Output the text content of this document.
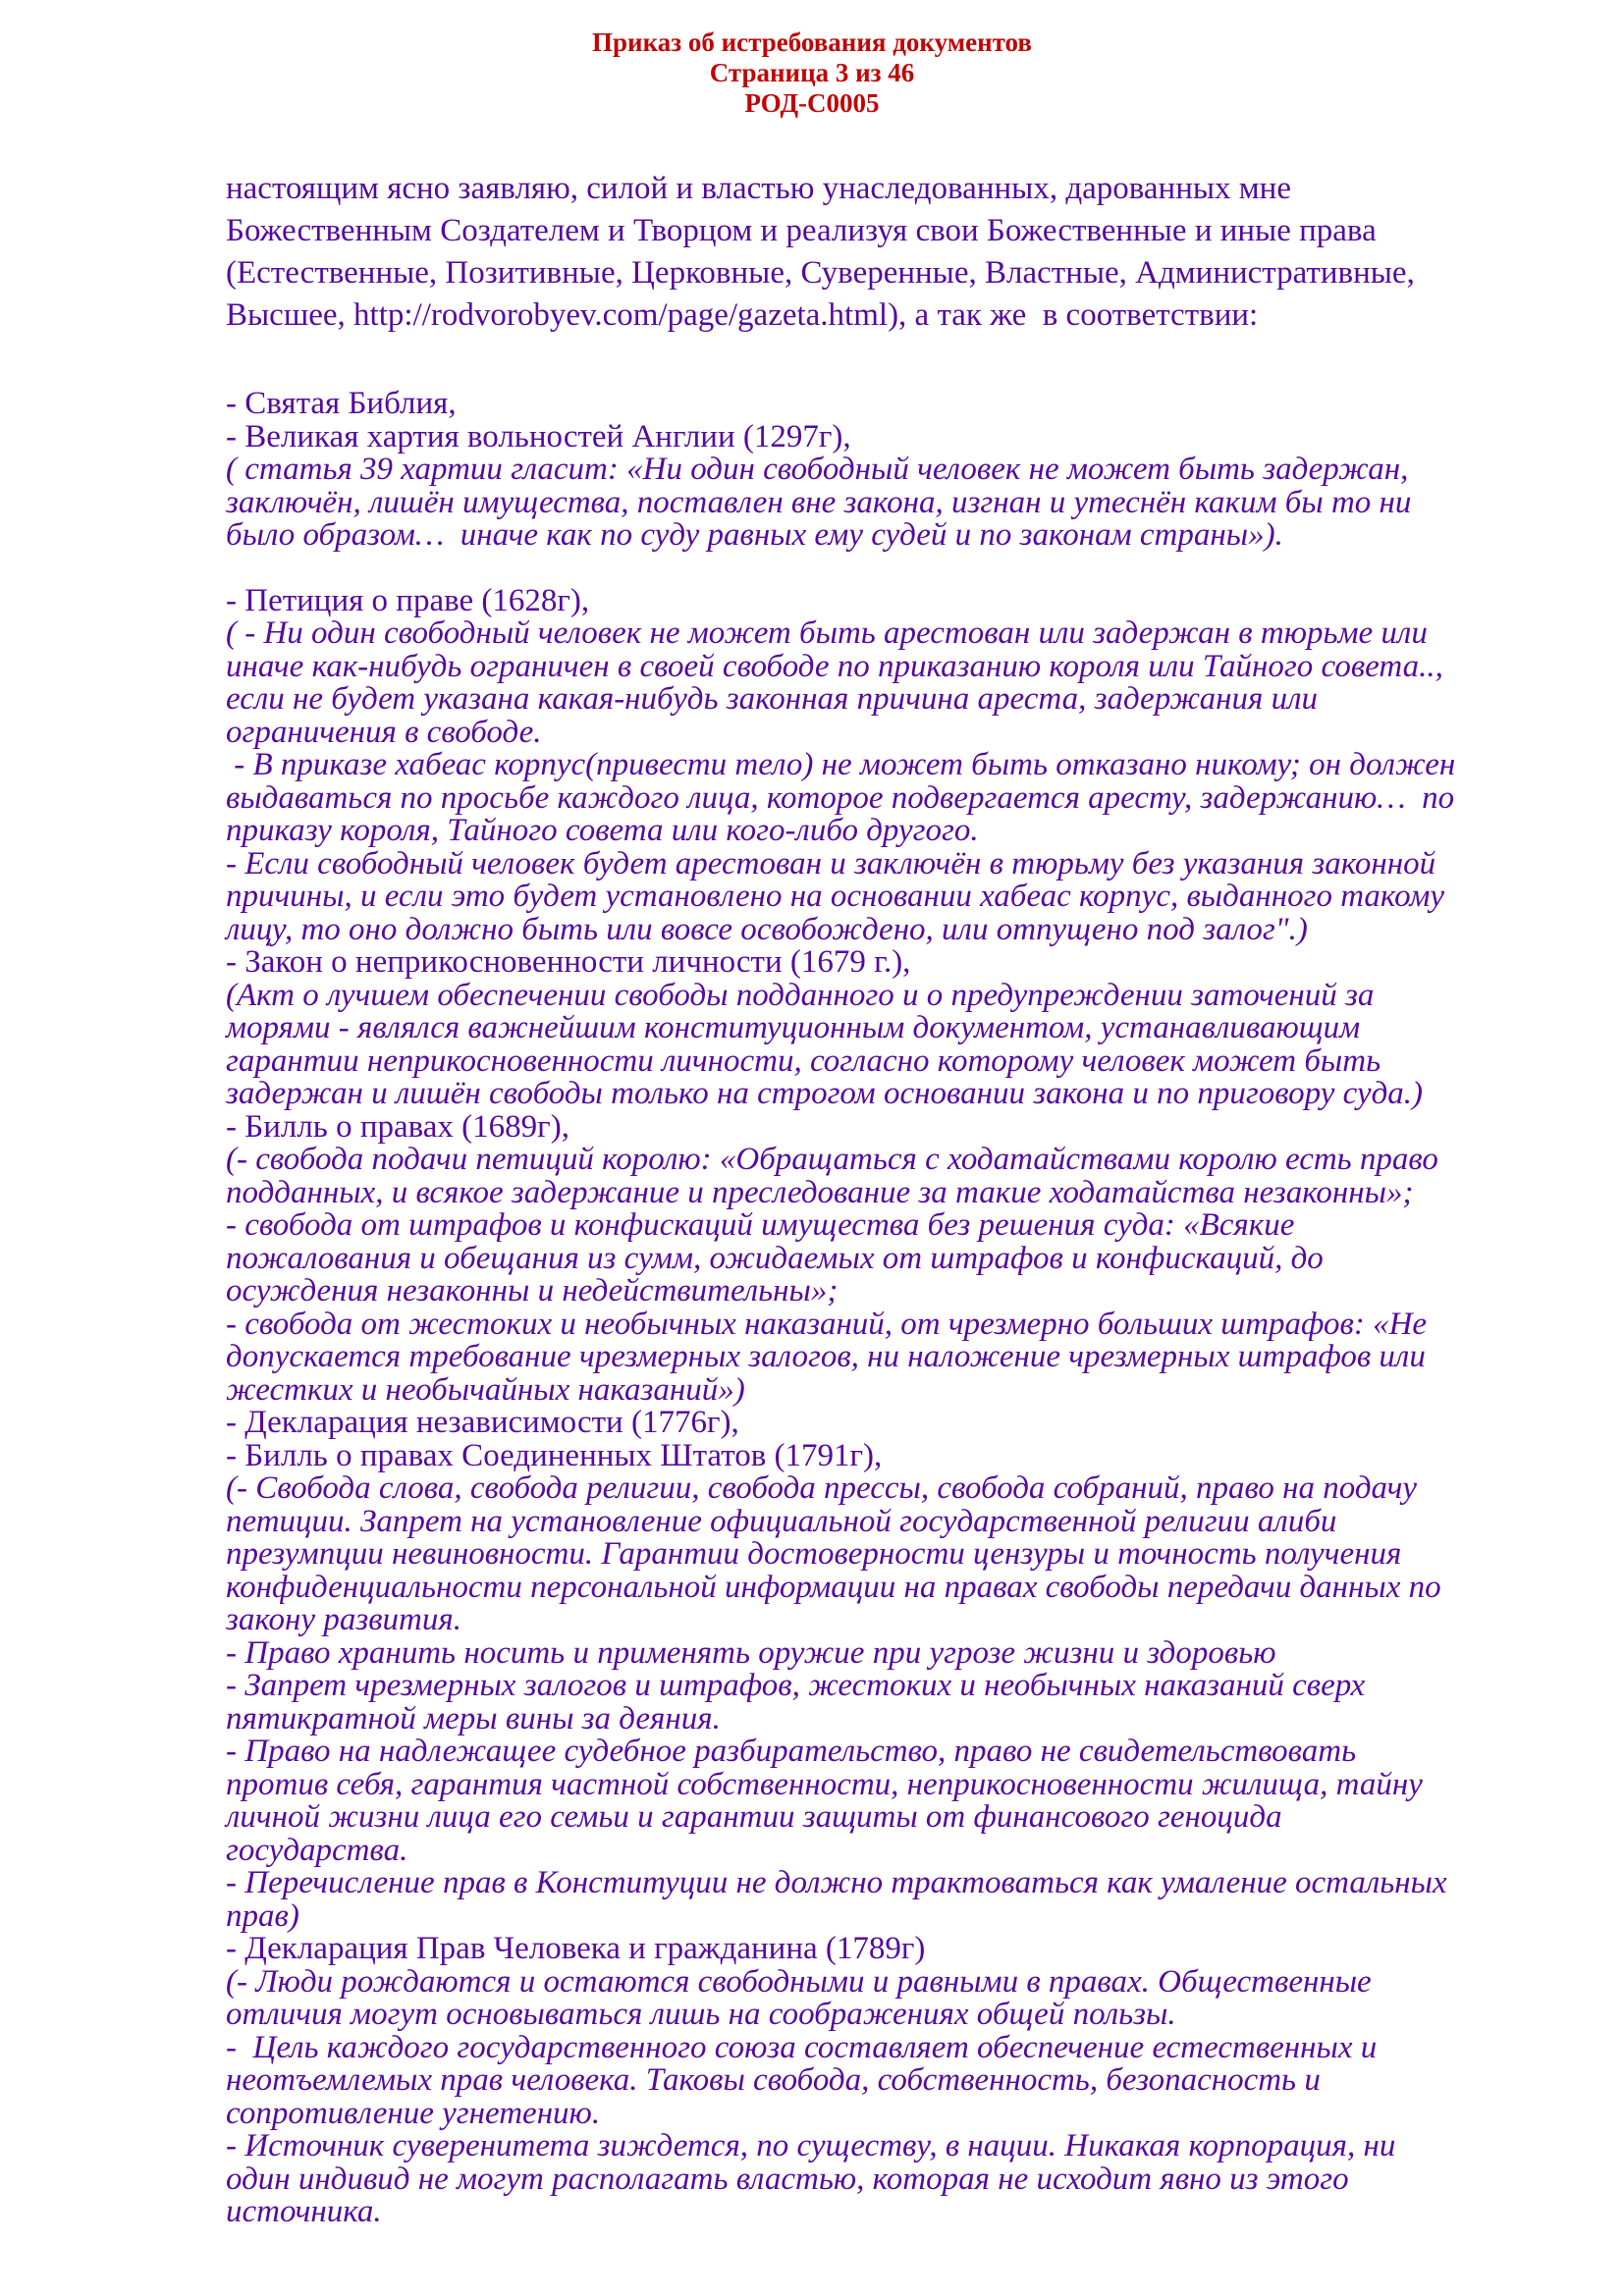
Приказ об истребования документов
Страница 3 из 46
РОД-С0005
настоящим ясно заявляю, силой и властью унаследованных, дарованных мне Божественным Создателем и Творцом и реализуя свои Божественные и иные права (Естественные, Позитивные, Церковные, Суверенные, Властные, Административные, Высшее, http://rodvorobyev.com/page/gazeta.html), а так же  в соответствии:
- Святая Библия,
- Великая хартия вольностей Англии (1297г),
( статья 39 хартии гласит: «Ни один свободный человек не может быть задержан, заключён, лишён имущества, поставлен вне закона, изгнан и утеснён каким бы то ни было образом…  иначе как по суду равных ему судей и по законам страны»).
- Петиция о праве (1628г),
( - Ни один свободный человек не может быть арестован или задержан в тюрьме или иначе как-нибудь ограничен в своей свободе по приказанию короля или Тайного совета.., если не будет указана какая-нибудь законная причина ареста, задержания или ограничения в свободе.
- В приказе хабеас корпус(привести тело) не может быть отказано никому; он должен выдаваться по просьбе каждого лица, которое подвергается аресту, задержанию…  по приказу короля, Тайного совета или кого-либо другого.
- Если свободный человек будет арестован и заключён в тюрьму без указания законной причины, и если это будет установлено на основании хабеас корпус, выданного такому лицу, то оно должно быть или вовсе освобождено, или отпущено под залог".)
- Закон о неприкосновенности личности (1679 г.),
(Акт о лучшем обеспечении свободы подданного и о предупреждении заточений за морями - являлся важнейшим конституционным документом, устанавливающим гарантии неприкосновенности личности, согласно которому человек может быть задержан и лишён свободы только на строгом основании закона и по приговору суда.)
- Билль о правах (1689г),
(- свобода подачи петиций королю: «Обращаться с ходатайствами королю есть право подданных, и всякое задержание и преследование за такие ходатайства незаконны»;
- свобода от штрафов и конфискаций имущества без решения суда: «Всякие пожалования и обещания из сумм, ожидаемых от штрафов и конфискаций, до осуждения незаконны и недействительны»;
- свобода от жестоких и необычных наказаний, от чрезмерно больших штрафов: «Не допускается требование чрезмерных залогов, ни наложение чрезмерных штрафов или жестких и необычайных наказаний»)
- Декларация независимости (1776г),
- Билль о правах Соединенных Штатов (1791г),
(- Свобода слова, свобода религии, свобода прессы, свобода собраний, право на подачу петиции. Запрет на установление официальной государственной религии алиби презумпции невиновности. Гарантии достоверности цензуры и точность получения конфиденциальности персональной информации на правах свободы передачи данных по закону развития.
- Право хранить носить и применять оружие при угрозе жизни и здоровью
- Запрет чрезмерных залогов и штрафов, жестоких и необычных наказаний сверх пятикратной меры вины за деяния.
- Право на надлежащее судебное разбирательство, право не свидетельствовать против себя, гарантия частной собственности, неприкосновенности жилища, тайну личной жизни лица его семьи и гарантии защиты от финансового геноцида государства.
- Перечисление прав в Конституции не должно трактоваться как умаление остальных прав)
- Декларация Прав Человека и гражданина (1789г)
(- Люди рождаются и остаются свободными и равными в правах. Общественные отличия могут основываться лишь на соображениях общей пользы.
-  Цель каждого государственного союза составляет обеспечение естественных и неотъемлемых прав человека. Таковы свобода, собственность, безопасность и сопротивление угнетению.
- Источник суверенитета зиждется, по существу, в нации. Никакая корпорация, ни один индивид не могут располагать властью, которая не исходит явно из этого источника.
